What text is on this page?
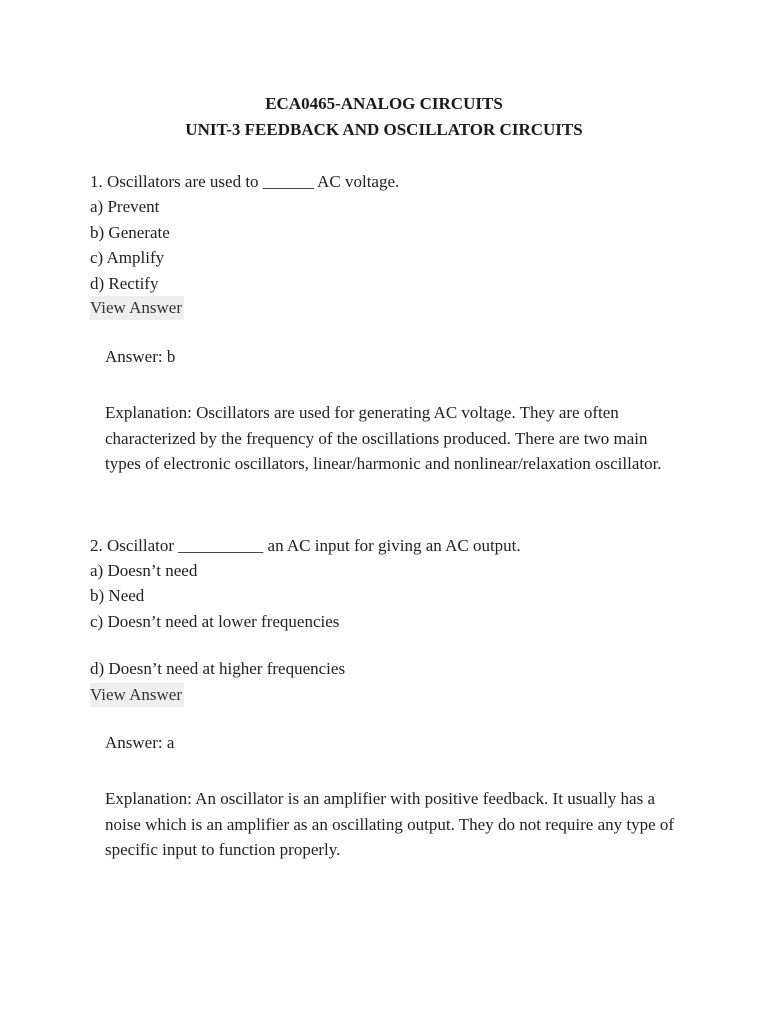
ECA0465-ANALOG CIRCUITS

UNIT-3 FEEDBACK AND OSCILLATOR CIRCUITS

1. Oscillators are used to ______ AC voltage.

a) Prevent

b) Generate

c) Amplify

d) Rectify

View Answer

Answer: b

Explanation: Oscillators are used for generating AC voltage. They are often characterized by the frequency of the oscillations produced. There are two main types of electronic oscillators, linear/harmonic and nonlinear/relaxation oscillator.

2. Oscillator __________ an AC input for giving an AC output.

a) Doesn’t need

b) Need

c) Doesn’t need at lower frequencies

d) Doesn’t need at higher frequencies

View Answer

Answer: a

Explanation: An oscillator is an amplifier with positive feedback. It usually has a noise which is an amplifier as an oscillating output. They do not require any type of specific input to function properly.
